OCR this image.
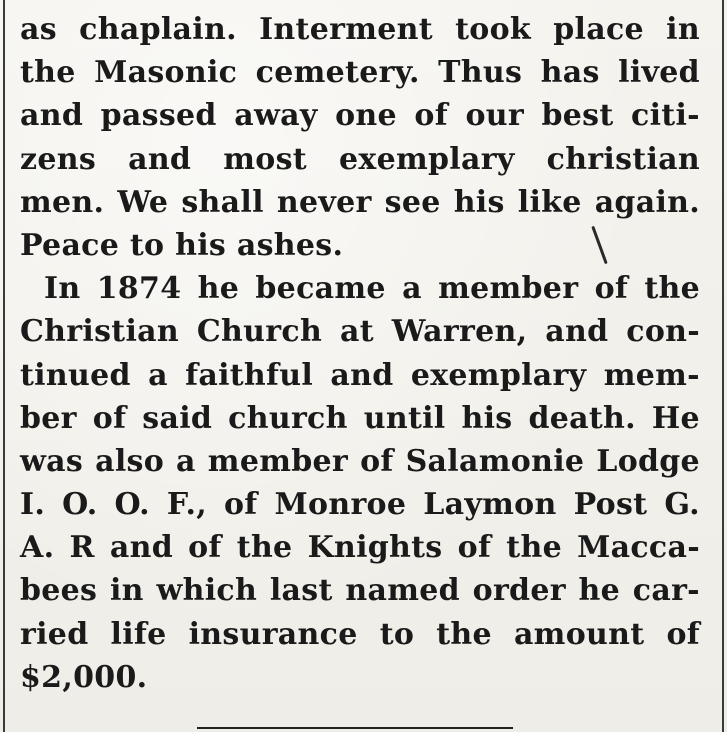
as chaplain. Interment took place in
the Masonic cemetery. Thus has lived
and passed away one of our best citi-
zens and most exemplary christian
men. We shall never see his like again.
Peace to his ashes.
In 1874 he became a member of the
Christian Church at Warren, and con-
tinued a faithful and exemplary mem-
ber of said church until his death. He
was also a member of Salamonie Lodge
I. O. O. F., of Monroe Laymon Post G.
A. R and of the Knights of the Macca-
bees in which last named order he car-
ried life insurance to the amount of
$2,000.
